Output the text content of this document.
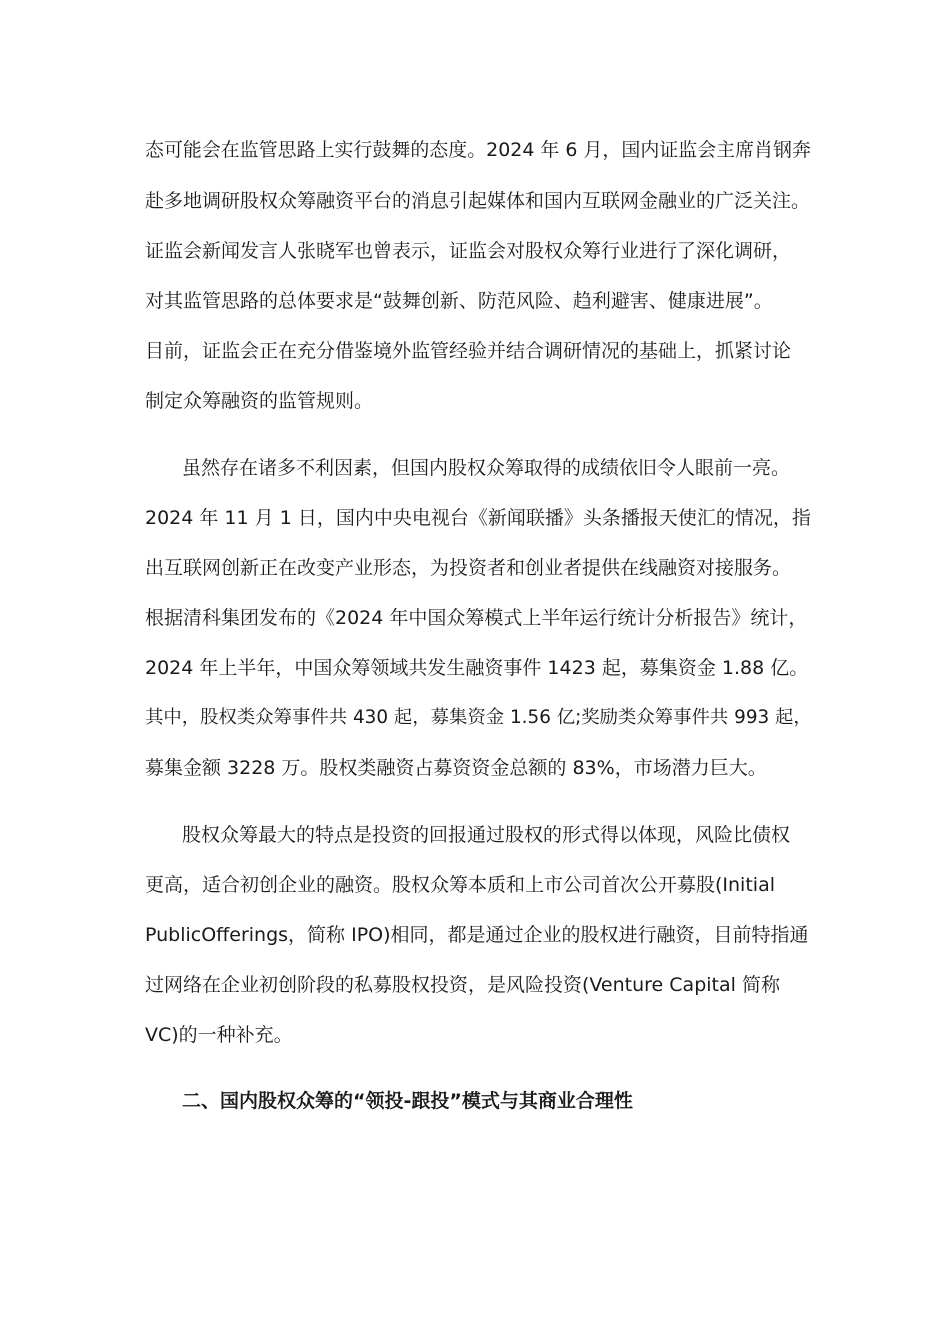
态可能会在监管思路上实行鼓舞的态度。2024 年 6 月，国内证监会主席肖钢奔
赴多地调研股权众筹融资平台的消息引起媒体和国内互联网金融业的广泛关注。
证监会新闻发言人张晓军也曾表示，证监会对股权众筹行业进行了深化调研，
对其监管思路的总体要求是“鼓舞创新、防范风险、趋利避害、健康进展”。
目前，证监会正在充分借鉴境外监管经验并结合调研情况的基础上，抓紧讨论
制定众筹融资的监管规则。
虽然存在诸多不利因素，但国内股权众筹取得的成绩依旧令人眼前一亮。
2024 年 11 月 1 日，国内中央电视台《新闻联播》头条播报天使汇的情况，指
出互联网创新正在改变产业形态，为投资者和创业者提供在线融资对接服务。
根据清科集团发布的《2024 年中国众筹模式上半年运行统计分析报告》统计，
2024 年上半年，中国众筹领域共发生融资事件 1423 起，募集资金 1.88 亿。
其中，股权类众筹事件共 430 起，募集资金 1.56 亿;奖励类众筹事件共 993 起，
募集金额 3228 万。股权类融资占募资资金总额的 83%，市场潜力巨大。
股权众筹最大的特点是投资的回报通过股权的形式得以体现，风险比债权
更高，适合初创企业的融资。股权众筹本质和上市公司首次公开募股(Initial
PublicOfferings，简称 IPO)相同，都是通过企业的股权进行融资，目前特指通
过网络在企业初创阶段的私募股权投资，是风险投资(Venture Capital 简称
VC)的一种补充。
二、国内股权众筹的“领投-跟投”模式与其商业合理性
